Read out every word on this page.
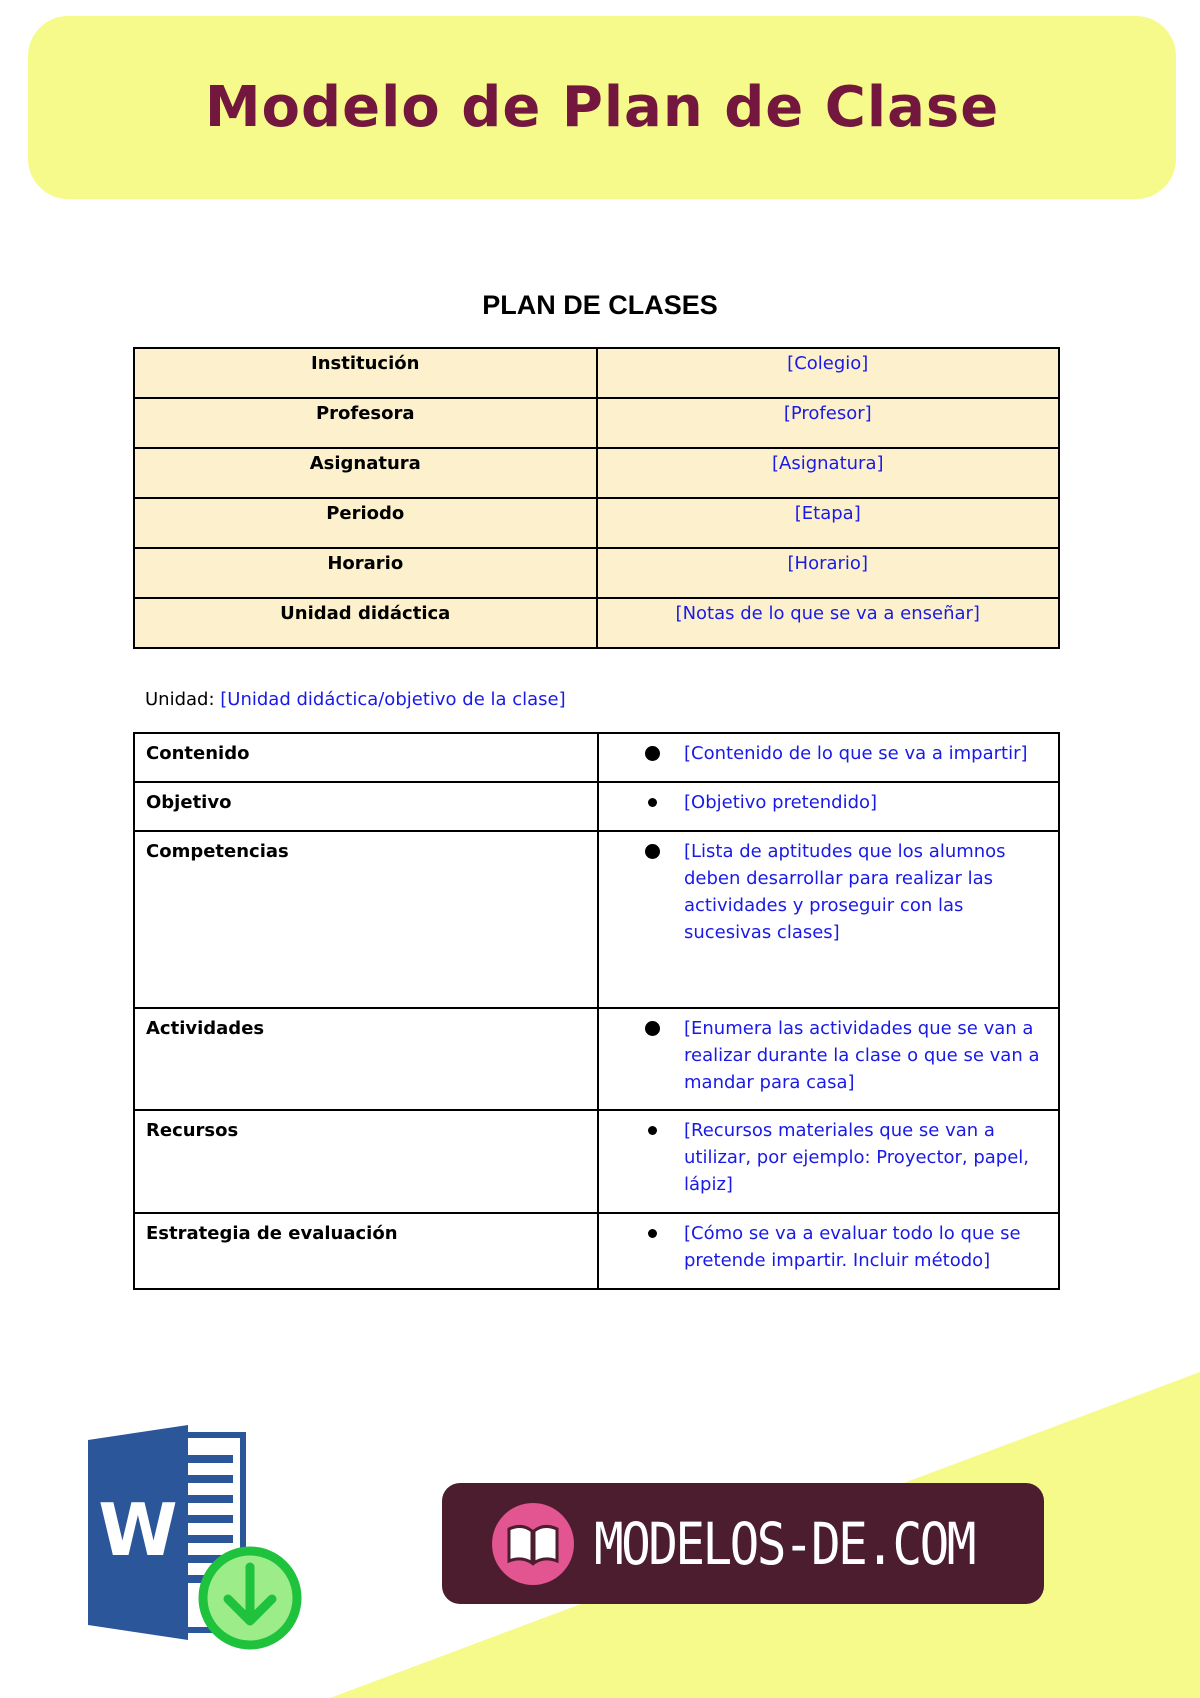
Modelo de Plan de Clase
PLAN DE CLASES
Institución	[Colegio]
Profesora	[Profesor]
Asignatura	[Asignatura]
Periodo	[Etapa]
Horario	[Horario]
Unidad didáctica	[Notas de lo que se va a enseñar]
Unidad: [Unidad didáctica/objetivo de la clase]
Contenido	[Contenido de lo que se va a impartir]
Objetivo	[Objetivo pretendido]
Competencias	[Lista de aptitudes que los alumnos deben desarrollar para realizar las actividades y proseguir con las sucesivas clases]
Actividades	[Enumera las actividades que se van a realizar durante la clase o que se van a mandar para casa]
Recursos	[Recursos materiales que se van a utilizar, por ejemplo: Proyector, papel, lápiz]
Estrategia de evaluación	[Cómo se va a evaluar todo lo que se pretende impartir. Incluir método]
W	MODELOS-DE.COM
